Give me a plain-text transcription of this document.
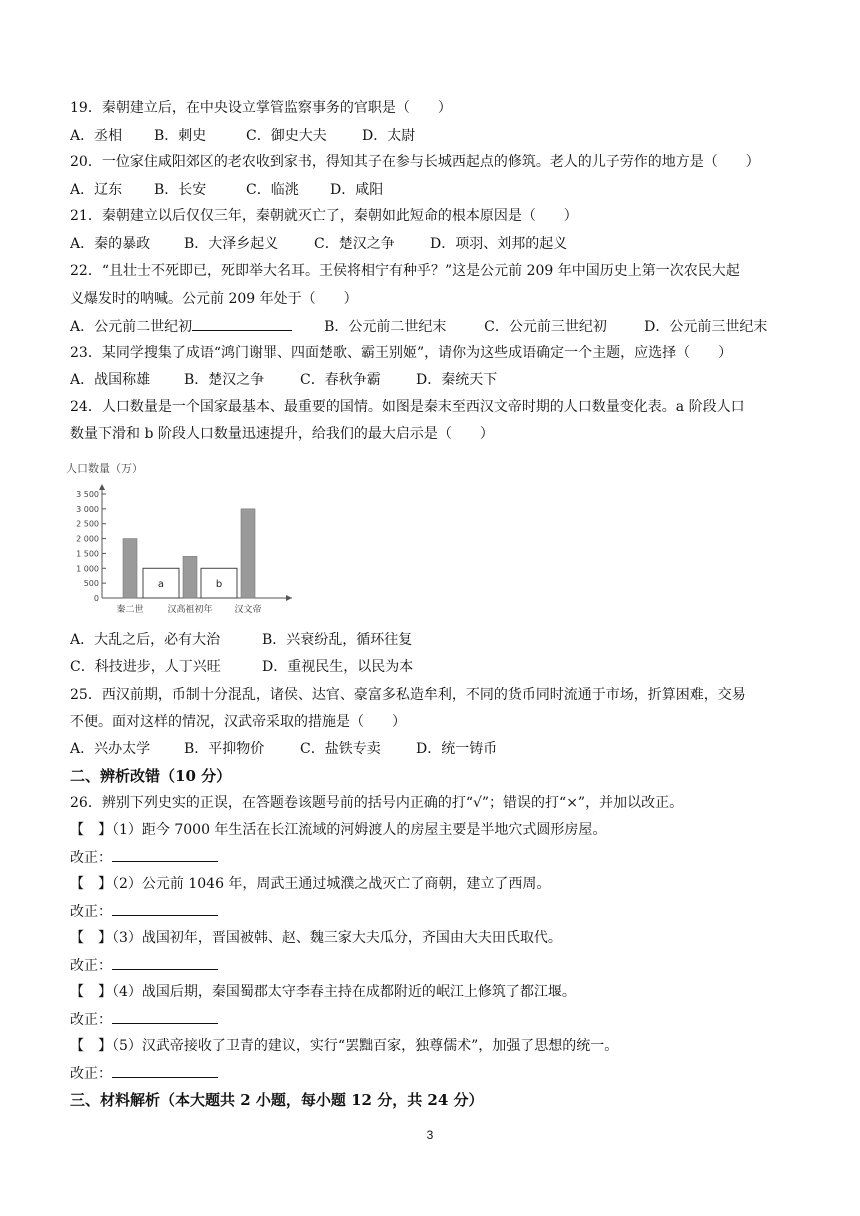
19．秦朝建立后，在中央设立掌管监察事务的官职是（　　）
A．丞相 B．刺史	C．御史大夫	D．太尉
20．一位家住咸阳郊区的老农收到家书，得知其子在参与长城西起点的修筑。老人的儿子劳作的地方是（　　）
A．辽东 B．长安	C．临洮 D．咸阳
21．秦朝建立以后仅仅三年，秦朝就灭亡了，秦朝如此短命的根本原因是（　　）
A．秦的暴政 B．大泽乡起义	C．楚汉之争	D．项羽、刘邦的起义
22．“且壮士不死即已，死即举大名耳。王侯将相宁有种乎？”这是公元前 209 年中国历史上第一次农民大起
义爆发时的呐喊。公元前 209 年处于（　　）
A．公元前二世纪初	B．公元前二世纪末	C．公元前三世纪初	D．公元前三世纪末
23．某同学搜集了成语“鸿门谢罪、四面楚歌、霸王别姬”，请你为这些成语确定一个主题，应选择（　　）
A．战国称雄 B．楚汉之争	C．春秋争霸	D．秦统天下
24．人口数量是一个国家最基本、最重要的国情。如图是秦末至西汉文帝时期的人口数量变化表。a 阶段人口
数量下滑和 b 阶段人口数量迅速提升，给我们的最大启示是（　　）
人口数量（万）
0
500
1 000
1 500
2 000
2 500
3 000
3 500
a	b
秦二世	汉高祖初年 汉文帝
A．大乱之后，必有大治	B．兴衰纷乱，循环往复
C．科技进步，人丁兴旺	D．重视民生，以民为本
25．西汉前期，币制十分混乱，诸侯、达官、豪富多私造牟利，不同的货币同时流通于市场，折算困难，交易
不便。面对这样的情况，汉武帝采取的措施是（　　）
A．兴办太学 B．平抑物价	C．盐铁专卖	D．统一铸币
二、辨析改错（10 分）
26．辨别下列史实的正误，在答题卷该题号前的括号内正确的打“√”；错误的打“×”，并加以改正。
【　】（1）距今 7000 年生活在长江流域的河姆渡人的房屋主要是半地穴式圆形房屋。
改正：
【　】（2）公元前 1046 年，周武王通过城濮之战灭亡了商朝，建立了西周。
改正：
【　】（3）战国初年，晋国被韩、赵、魏三家大夫瓜分，齐国由大夫田氏取代。
改正：
【　】（4）战国后期，秦国蜀郡太守李春主持在成都附近的岷江上修筑了都江堰。
改正：
【　】（5）汉武帝接收了卫青的建议，实行“罢黜百家，独尊儒术”，加强了思想的统一。
改正：
三、材料解析（本大题共 2 小题，每小题 12 分，共 24 分）
3
